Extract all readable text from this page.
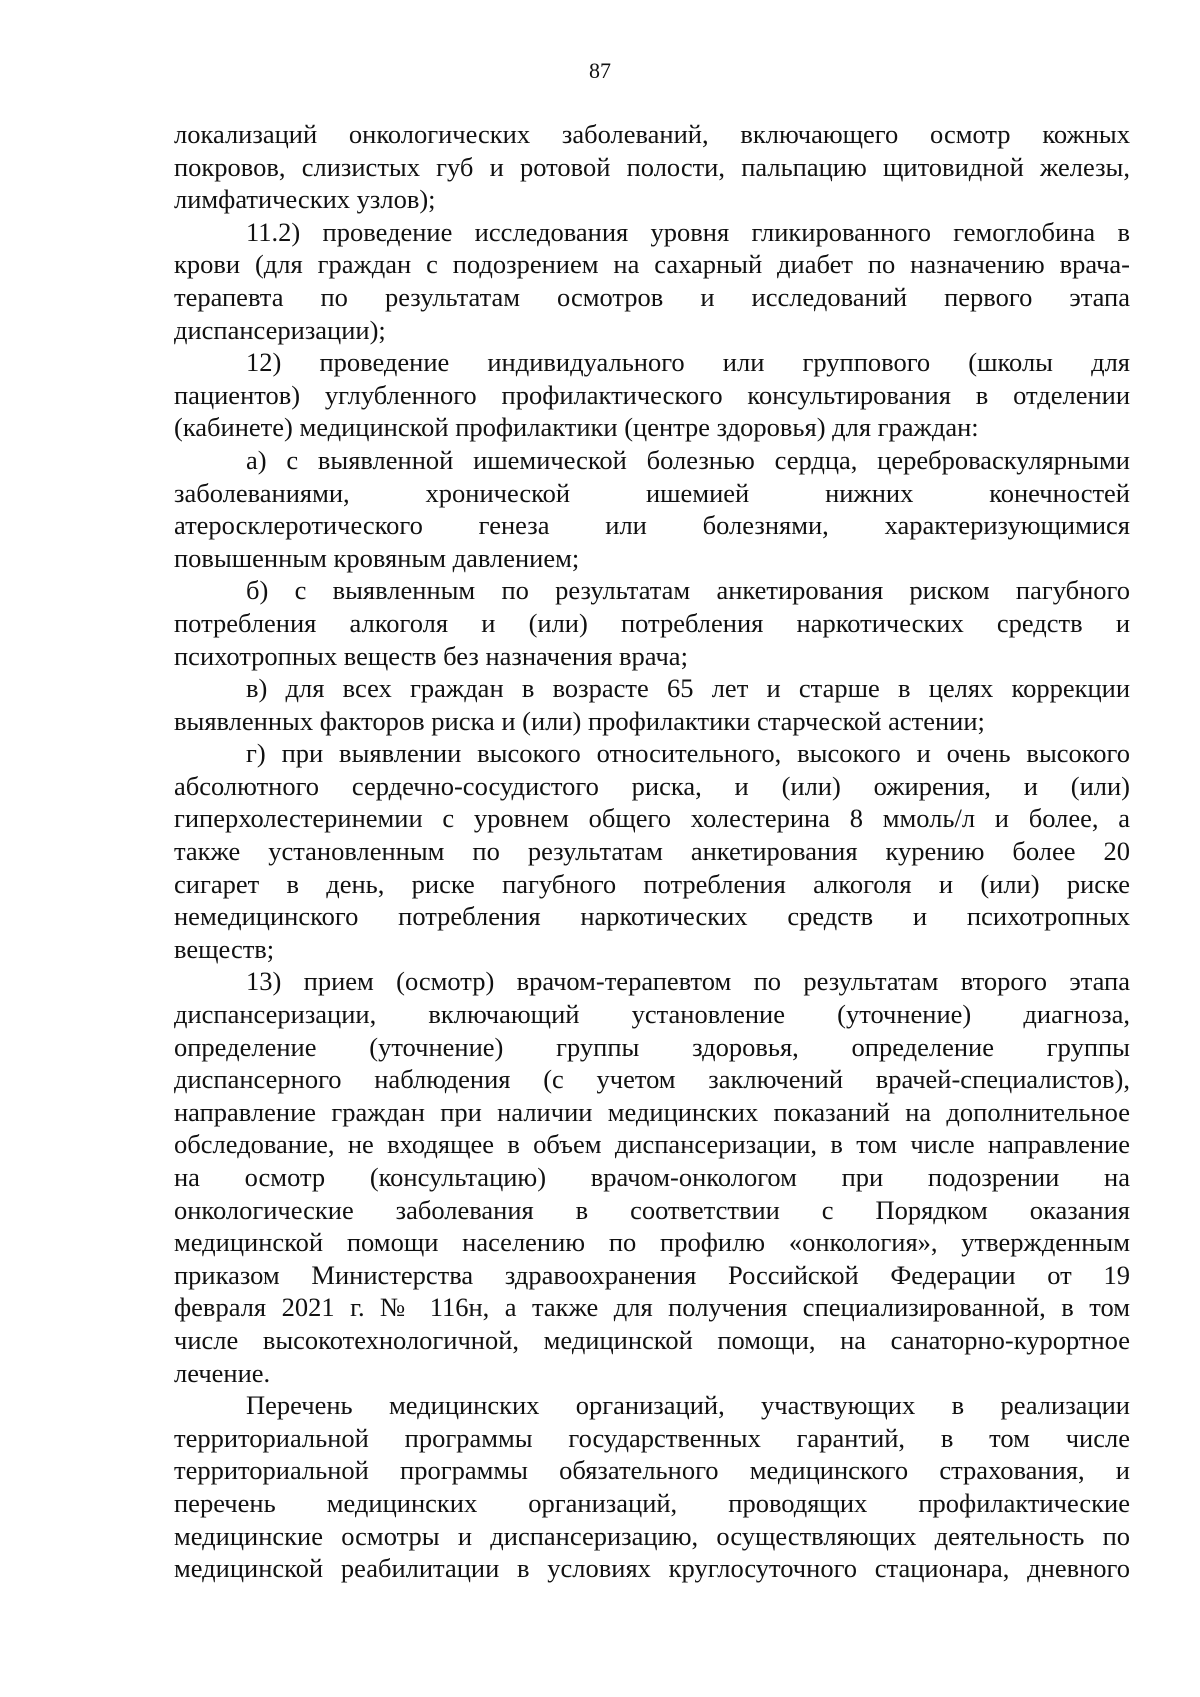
87

локализаций онкологических заболеваний, включающего осмотр кожных

покровов, слизистых губ и ротовой полости, пальпацию щитовидной железы,

лимфатических узлов);

11.2) проведение исследования уровня гликированного гемоглобина в

крови (для граждан с подозрением на сахарный диабет по назначению врача-

терапевта по результатам осмотров и исследований первого этапа

диспансеризации);

12) проведение индивидуального или группового (школы для

пациентов) углубленного профилактического консультирования в отделении

(кабинете) медицинской профилактики (центре здоровья) для граждан:

а) с выявленной ишемической болезнью сердца, цереброваскулярными

заболеваниями, хронической ишемией нижних конечностей

атеросклеротического генеза или болезнями, характеризующимися

повышенным кровяным давлением;

б) с выявленным по результатам анкетирования риском пагубного

потребления алкоголя и (или) потребления наркотических средств и

психотропных веществ без назначения врача;

в) для всех граждан в возрасте 65 лет и старше в целях коррекции

выявленных факторов риска и (или) профилактики старческой астении;

г) при выявлении высокого относительного, высокого и очень высокого

абсолютного сердечно-сосудистого риска, и (или) ожирения, и (или)

гиперхолестеринемии с уровнем общего холестерина 8 ммоль/л и более, а

также установленным по результатам анкетирования курению более 20

сигарет в день, риске пагубного потребления алкоголя и (или) риске

немедицинского потребления наркотических средств и психотропных

веществ;

13) прием (осмотр) врачом-терапевтом по результатам второго этапа

диспансеризации, включающий установление (уточнение) диагноза,

определение (уточнение) группы здоровья, определение группы

диспансерного наблюдения (с учетом заключений врачей-специалистов),

направление граждан при наличии медицинских показаний на дополнительное

обследование, не входящее в объем диспансеризации, в том числе направление

на осмотр (консультацию) врачом-онкологом при подозрении на

онкологические заболевания в соответствии с Порядком оказания

медицинской помощи населению по профилю «онкология», утвержденным

приказом Министерства здравоохранения Российской Федерации от 19

февраля 2021 г. № 116н, а также для получения специализированной, в том

числе высокотехнологичной, медицинской помощи, на санаторно-курортное

лечение.

Перечень медицинских организаций, участвующих в реализации

территориальной программы государственных гарантий, в том числе

территориальной программы обязательного медицинского страхования, и

перечень медицинских организаций, проводящих профилактические

медицинские осмотры и диспансеризацию, осуществляющих деятельность по

медицинской реабилитации в условиях круглосуточного стационара, дневного
